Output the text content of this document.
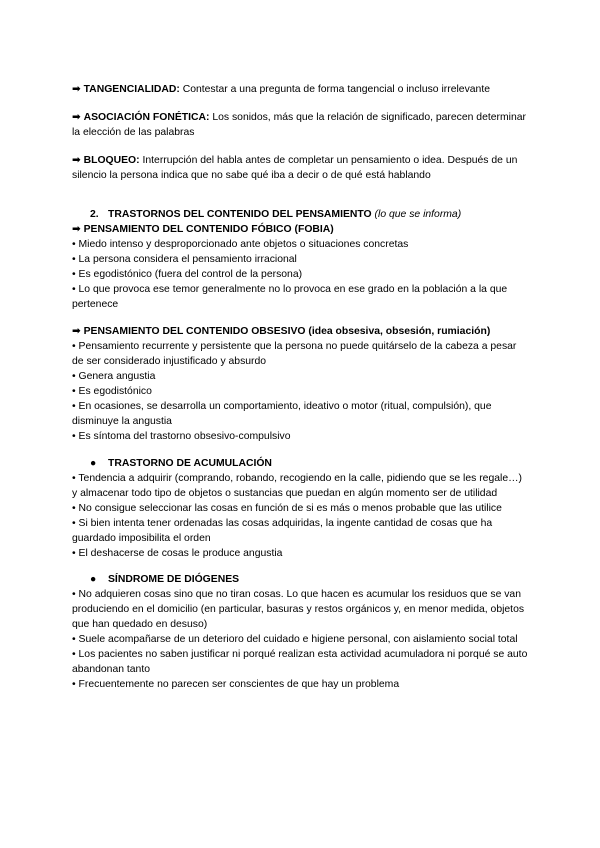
➡ TANGENCIALIDAD: Contestar a una pregunta de forma tangencial o incluso irrelevante

➡ ASOCIACIÓN FONÉTICA: Los sonidos, más que la relación de significado, parecen determinar la elección de las palabras

➡ BLOQUEO: Interrupción del habla antes de completar un pensamiento o idea. Después de un silencio la persona indica que no sabe qué iba a decir o de qué está hablando

2. TRASTORNOS DEL CONTENIDO DEL PENSAMIENTO (lo que se informa)

➡ PENSAMIENTO DEL CONTENIDO FÓBICO (FOBIA)

• Miedo intenso y desproporcionado ante objetos o situaciones concretas
• La persona considera el pensamiento irracional
• Es egodistónico (fuera del control de la persona)
• Lo que provoca ese temor generalmente no lo provoca en ese grado en la población a la que pertenece

➡ PENSAMIENTO DEL CONTENIDO OBSESIVO (idea obsesiva, obsesión, rumiación)

• Pensamiento recurrente y persistente que la persona no puede quitárselo de la cabeza a pesar de ser considerado injustificado y absurdo
• Genera angustia
• Es egodistónico
• En ocasiones, se desarrolla un comportamiento, ideativo o motor (ritual, compulsión), que disminuye la angustia
• Es síntoma del trastorno obsesivo-compulsivo

● TRASTORNO DE ACUMULACIÓN

• Tendencia a adquirir (comprando, robando, recogiendo en la calle, pidiendo que se les regale…) y almacenar todo tipo de objetos o sustancias que puedan en algún momento ser de utilidad
• No consigue seleccionar las cosas en función de si es más o menos probable que las utilice
• Si bien intenta tener ordenadas las cosas adquiridas, la ingente cantidad de cosas que ha guardado imposibilita el orden
• El deshacerse de cosas le produce angustia

● SÍNDROME DE DIÓGENES

• No adquieren cosas sino que no tiran cosas. Lo que hacen es acumular los residuos que se van produciendo en el domicilio (en particular, basuras y restos orgánicos y, en menor medida, objetos que han quedado en desuso)
• Suele acompañarse de un deterioro del cuidado e higiene personal, con aislamiento social total
• Los pacientes no saben justificar ni porqué realizan esta actividad acumuladora ni porqué se auto abandonan tanto
• Frecuentemente no parecen ser conscientes de que hay un problema
